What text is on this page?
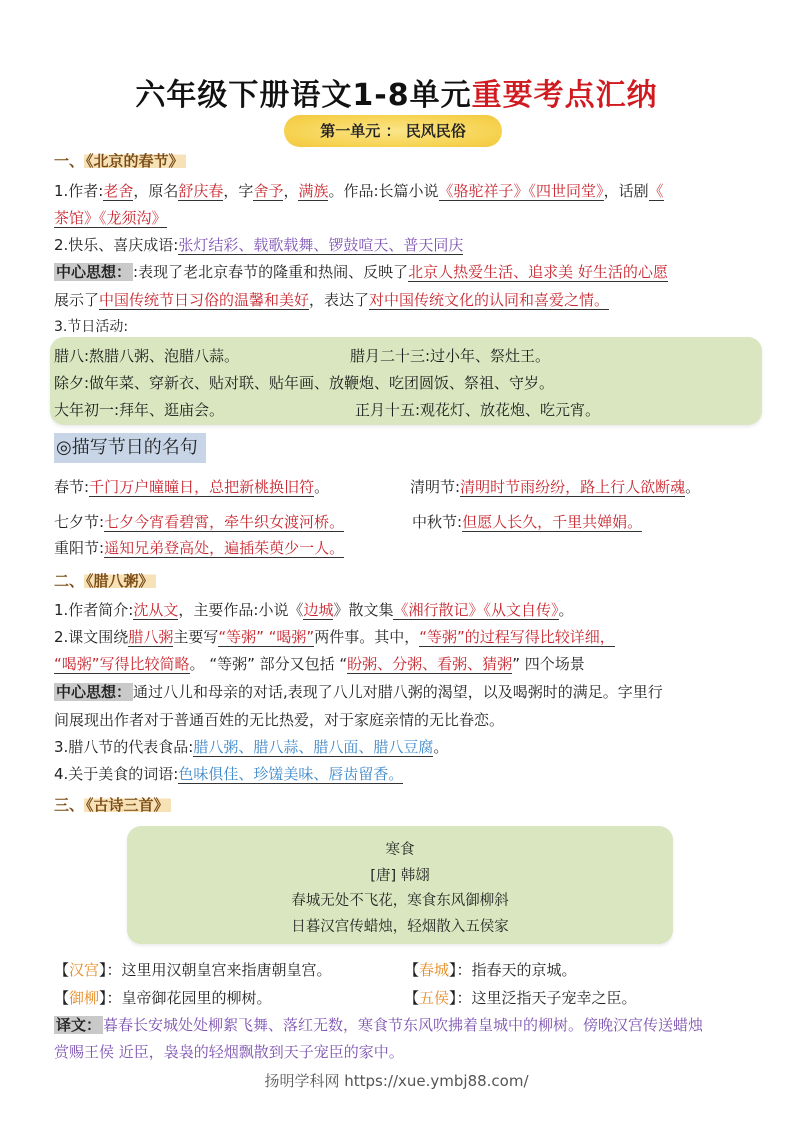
六年级下册语文1-8单元重要考点汇纳
第一单元 ： 民风民俗
一、 《北京的春节》
1.作者:老舍，原名舒庆春，字舍予，满族。作品:长篇小说《骆驼祥子》《四世同堂》，话剧《
茶馆》《龙须沟》
2.快乐、喜庆成语:张灯结彩、载歌载舞、锣鼓喧天、普天同庆
中心思想： :表现了老北京春节的隆重和热闹、反映了北京人热爱生活、追求美 好生活的心愿
展示了中国传统节日习俗的温馨和美好，表达了对中国传统文化的认同和喜爱之情。
3.节日活动:
腊八:熬腊八粥、泡腊八蒜。	腊月二十三:过小年、祭灶王。
除夕:做年菜、穿新衣、贴对联、贴年画、放鞭炮、吃团圆饭、祭祖、守岁。
大年初一:拜年、逛庙会。	正月十五:观花灯、放花炮、吃元宵。
◎描写节日的名句
春节:千门万户曈曈日，总把新桃换旧符。	清明节:清明时节雨纷纷，路上行人欲断魂。
七夕节:七夕今宵看碧霄，牵牛织女渡河桥。	中秋节:但愿人长久，千里共婵娟。
重阳节:遥知兄弟登高处，遍插茱萸少一人。
二、 《腊八粥》
1.作者简介:沈从文，主要作品:小说《边城》散文集《湘行散记》《从文自传》。
2.课文围绕腊八粥主要写“等粥” “喝粥”两件事。其中，“等粥”的过程写得比较详细，
“喝粥”写得比较简略。 “等粥” 部分又包括 “盼粥、分粥、看粥、猜粥” 四个场景
中心思想： 通过八儿和母亲的对话,表现了八儿对腊八粥的渴望，以及喝粥时的满足。字里行
间展现出作者对于普通百姓的无比热爱，对于家庭亲情的无比眷恋。
3.腊八节的代表食品:腊八粥、腊八蒜、腊八面、腊八豆腐。
4.关于美食的词语:色味俱佳、珍馐美味、唇齿留香。
三、 《古诗三首》
寒食
[唐] 韩翃
春城无处不飞花，寒食东风御柳斜
日暮汉宫传蜡烛，轻烟散入五侯家
【汉宫】：这里用汉朝皇宫来指唐朝皇宫。	【春城】：指春天的京城。
【御柳】：皇帝御花园里的柳树。	【五侯】：这里泛指天子宠幸之臣。
译文： 暮春长安城处处柳絮飞舞、落红无数，寒食节东风吹拂着皇城中的柳树。傍晚汉宫传送蜡烛
赏赐王侯 近臣，袅袅的轻烟飘散到天子宠臣的家中。
扬明学科网 https://xue.ymbj88.com/
